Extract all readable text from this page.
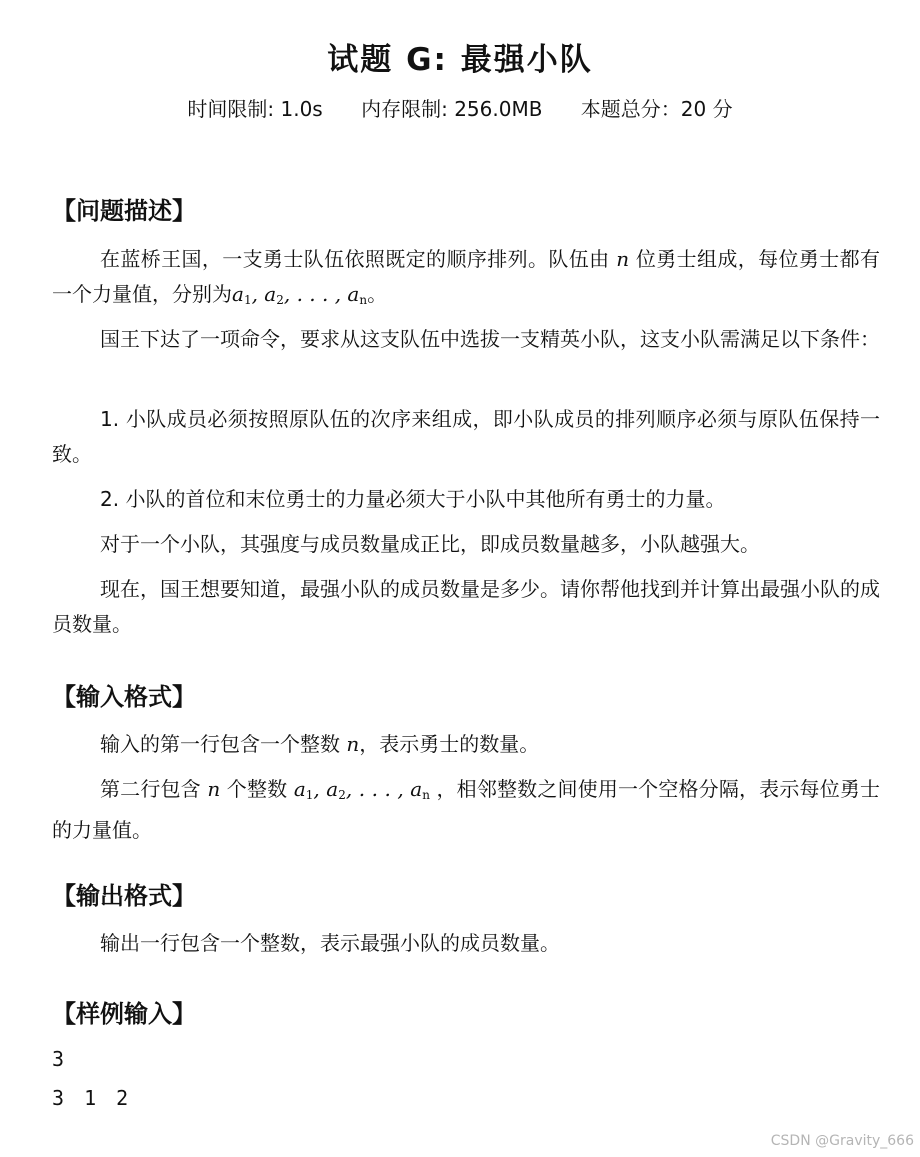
试题 G: 最强小队
时间限制: 1.0s 内存限制: 256.0MB 本题总分：20 分
【问题描述】
在蓝桥王国，一支勇士队伍依照既定的顺序排列。队伍由 n 位勇士组成，每位勇士都有一个力量值，分别为$a_1$, $a_2$, . . . , $a_n$。
国王下达了一项命令，要求从这支队伍中选拔一支精英小队，这支小队需满足以下条件：
1. 小队成员必须按照原队伍的次序来组成，即小队成员的排列顺序必须与原队伍保持一致。
2. 小队的首位和末位勇士的力量必须大于小队中其他所有勇士的力量。
对于一个小队，其强度与成员数量成正比，即成员数量越多，小队越强大。
现在，国王想要知道，最强小队的成员数量是多少。请你帮他找到并计算出最强小队的成员数量。
【输入格式】
输入的第一行包含一个整数 n，表示勇士的数量。
第二行包含 n 个整数 $a_1$, $a_2$, . . . , $a_n$ ，相邻整数之间使用一个空格分隔，表示每位勇士的力量值。
【输出格式】
输出一行包含一个整数，表示最强小队的成员数量。
【样例输入】
3
3 1 2
CSDN @Gravity_666
